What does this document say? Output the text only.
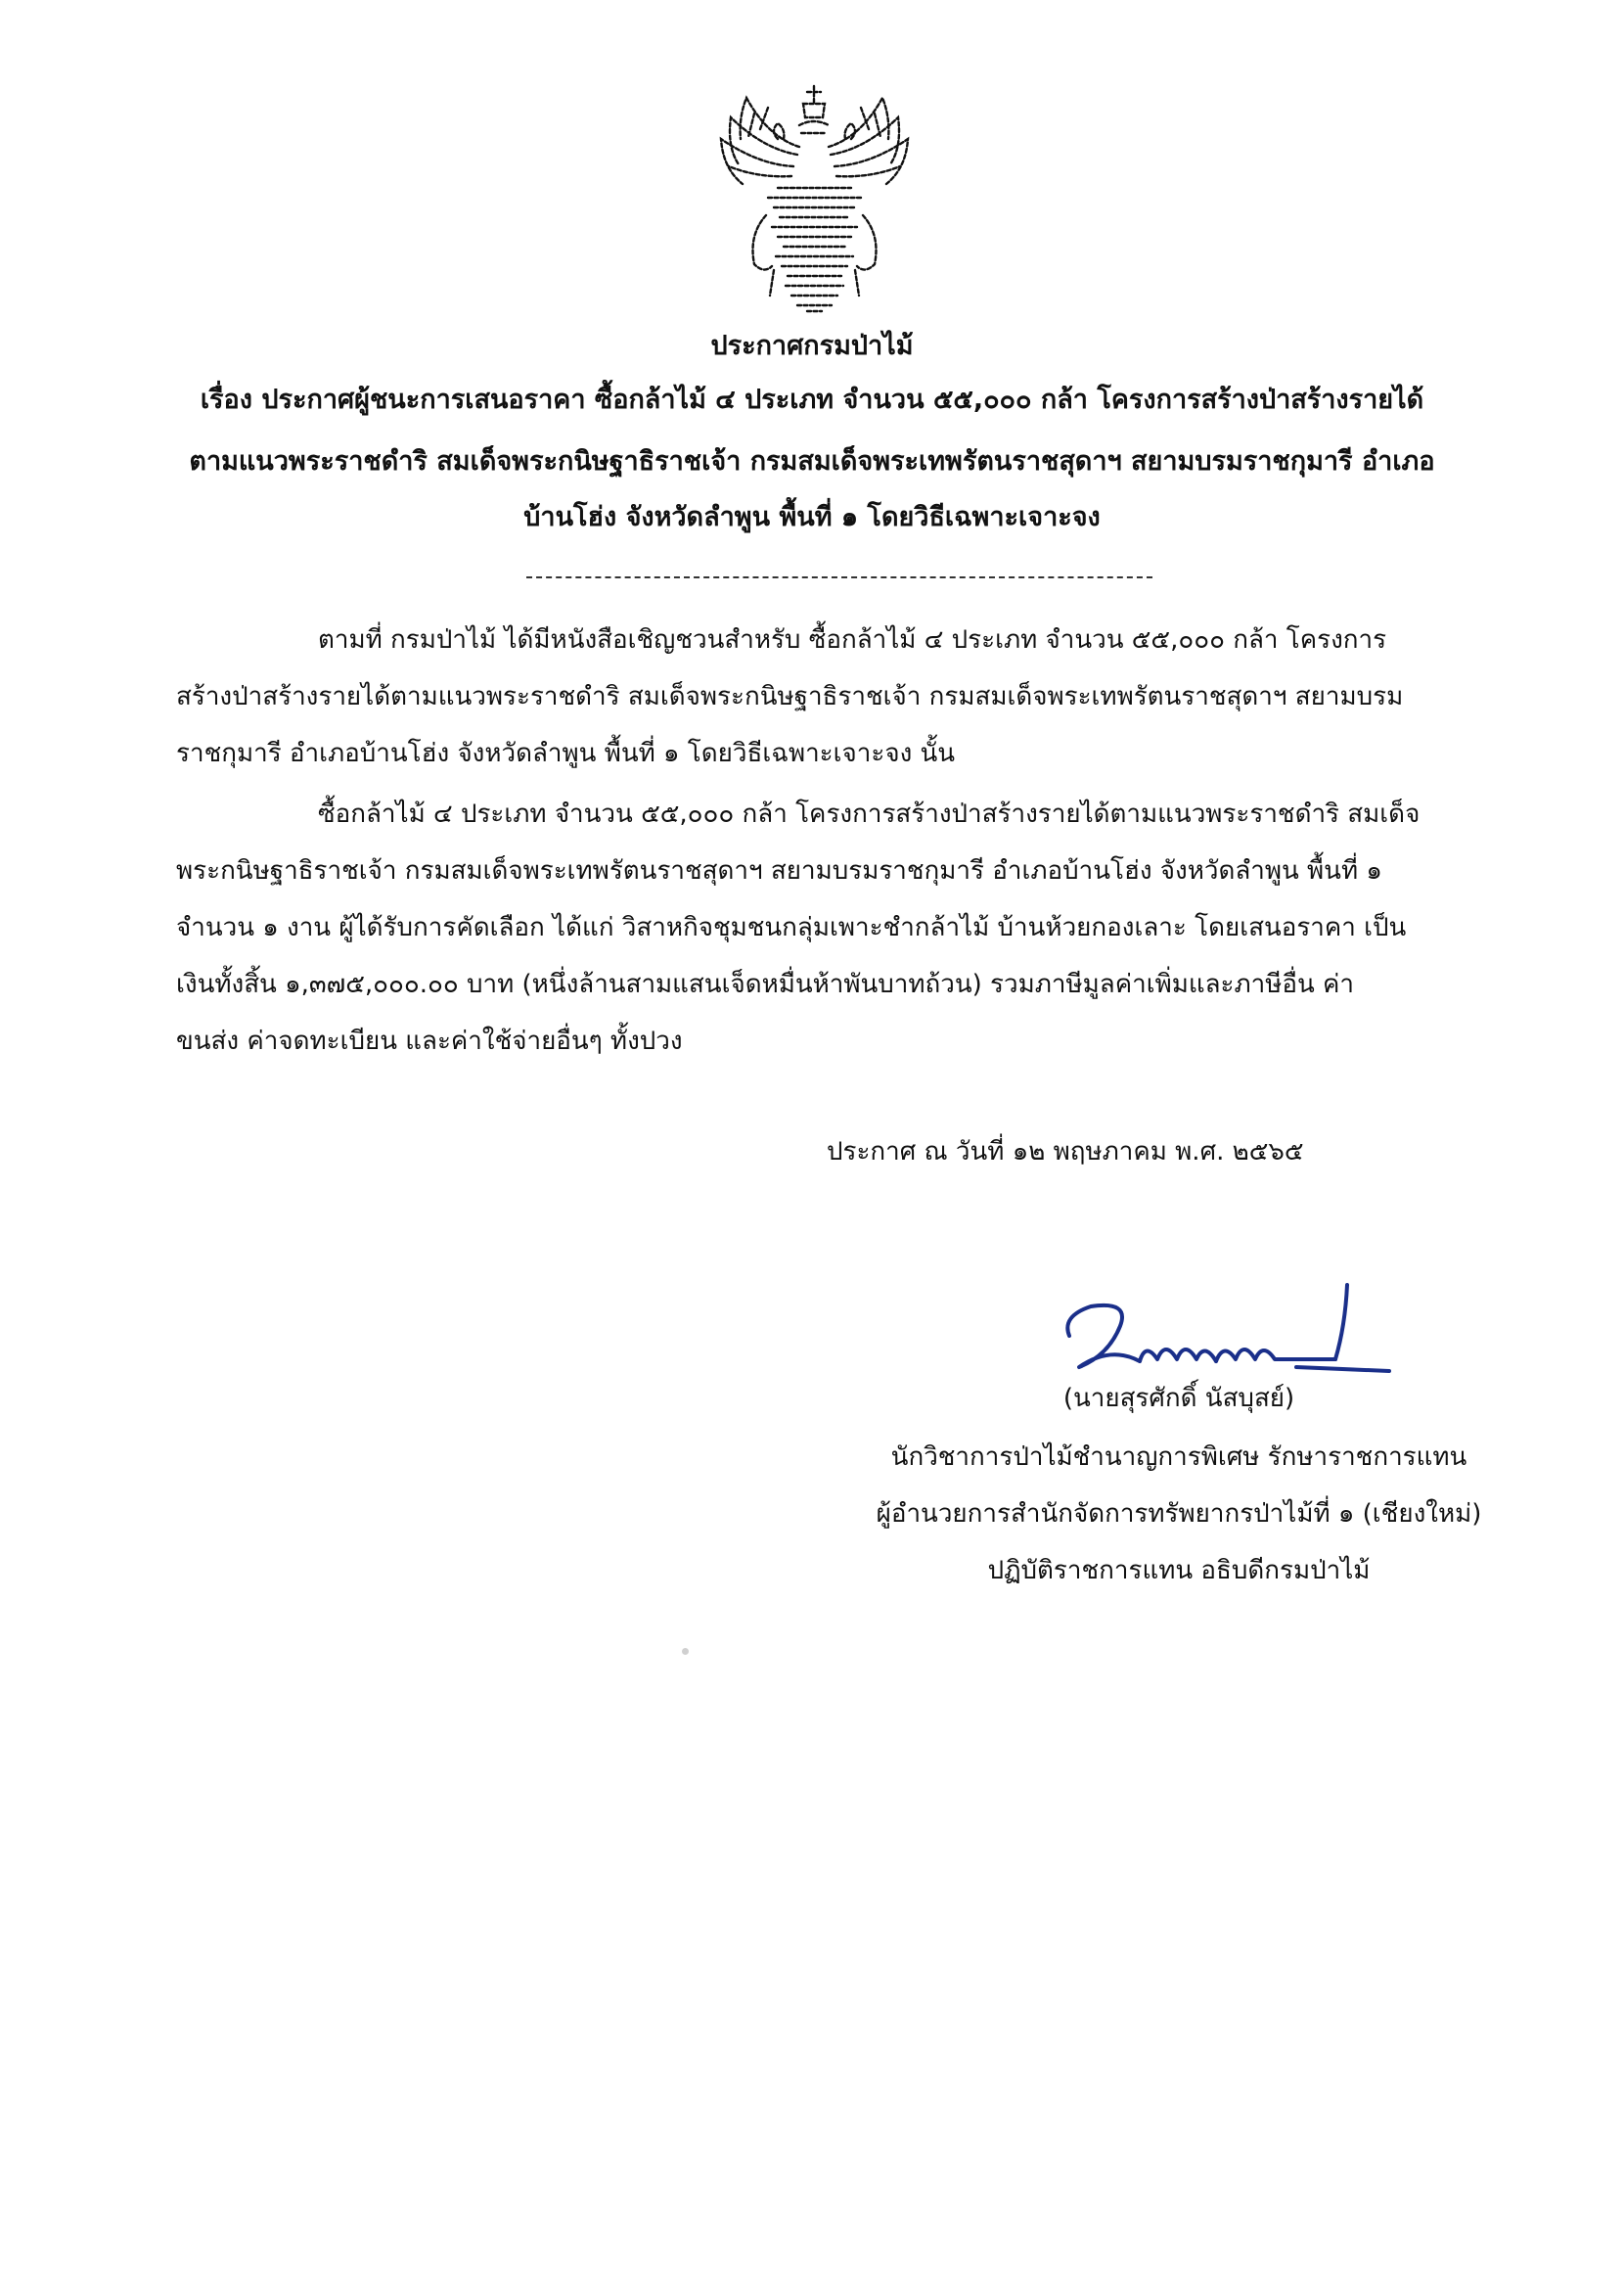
ประกาศกรมป่าไม้
เรื่อง ประกาศผู้ชนะการเสนอราคา ซื้อกล้าไม้ ๔ ประเภท จำนวน ๕๕,๐๐๐ กล้า โครงการสร้างป่าสร้างรายได้
ตามแนวพระราชดำริ สมเด็จพระกนิษฐาธิราชเจ้า กรมสมเด็จพระเทพรัตนราชสุดาฯ สยามบรมราชกุมารี อำเภอ
บ้านโฮ่ง จังหวัดลำพูน พื้นที่ ๑ โดยวิธีเฉพาะเจาะจง
ตามที่ กรมป่าไม้ ได้มีหนังสือเชิญชวนสำหรับ ซื้อกล้าไม้ ๔ ประเภท จำนวน ๕๕,๐๐๐ กล้า โครงการ
สร้างป่าสร้างรายได้ตามแนวพระราชดำริ สมเด็จพระกนิษฐาธิราชเจ้า กรมสมเด็จพระเทพรัตนราชสุดาฯ สยามบรม
ราชกุมารี อำเภอบ้านโฮ่ง จังหวัดลำพูน พื้นที่ ๑ โดยวิธีเฉพาะเจาะจง นั้น
ซื้อกล้าไม้ ๔ ประเภท จำนวน ๕๕,๐๐๐ กล้า โครงการสร้างป่าสร้างรายได้ตามแนวพระราชดำริ สมเด็จ
พระกนิษฐาธิราชเจ้า กรมสมเด็จพระเทพรัตนราชสุดาฯ สยามบรมราชกุมารี อำเภอบ้านโฮ่ง จังหวัดลำพูน พื้นที่ ๑
จำนวน ๑ งาน ผู้ได้รับการคัดเลือก ได้แก่ วิสาหกิจชุมชนกลุ่มเพาะชำกล้าไม้ บ้านห้วยกองเลาะ โดยเสนอราคา เป็น
เงินทั้งสิ้น ๑,๓๗๕,๐๐๐.๐๐ บาท (หนึ่งล้านสามแสนเจ็ดหมื่นห้าพันบาทถ้วน) รวมภาษีมูลค่าเพิ่มและภาษีอื่น ค่า
ขนส่ง ค่าจดทะเบียน และค่าใช้จ่ายอื่นๆ ทั้งปวง
ประกาศ ณ วันที่ ๑๒ พฤษภาคม พ.ศ. ๒๕๖๕
(นายสุรศักดิ์ นัสบุสย์)
นักวิชาการป่าไม้ชำนาญการพิเศษ รักษาราชการแทน
ผู้อำนวยการสำนักจัดการทรัพยากรป่าไม้ที่ ๑ (เชียงใหม่)
ปฏิบัติราชการแทน อธิบดีกรมป่าไม้
